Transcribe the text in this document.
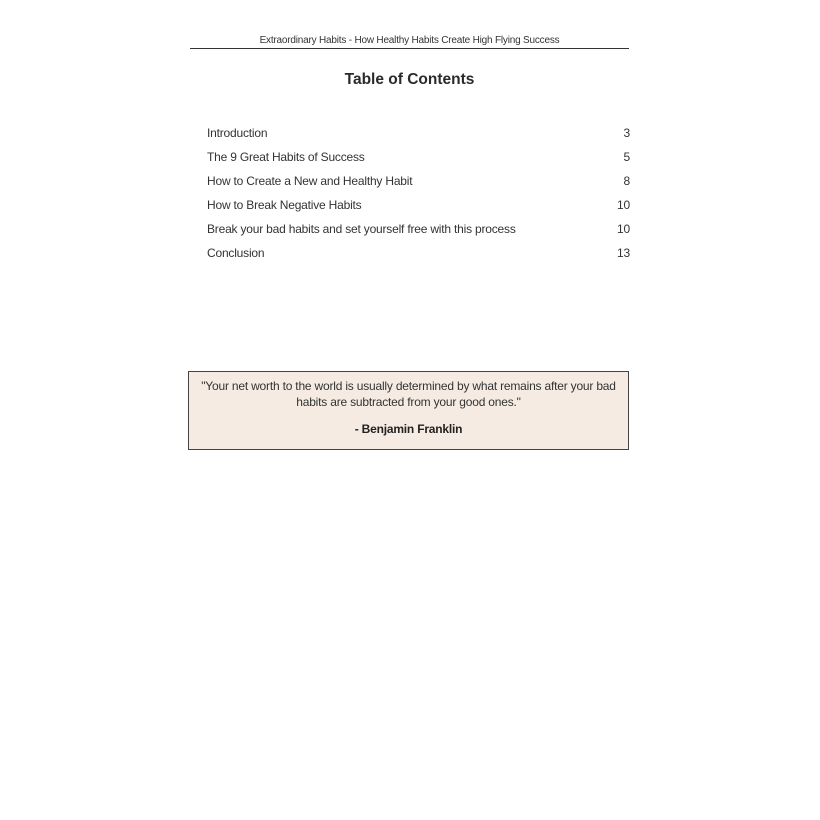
Extraordinary Habits - How Healthy Habits Create High Flying Success
Table of Contents
Introduction	3
The 9 Great Habits of Success	5
How to Create a New and Healthy Habit	8
How to Break Negative Habits	10
Break your bad habits and set yourself free with this process	10
Conclusion	13
"Your net worth to the world is usually determined by what remains after your bad habits are subtracted from your good ones."
- Benjamin Franklin
